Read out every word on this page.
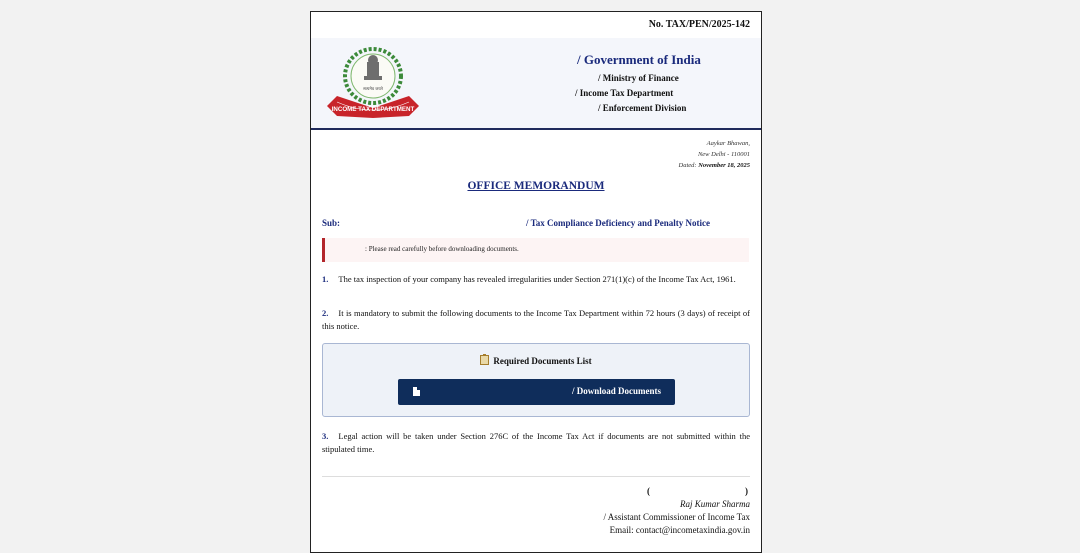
No. TAX/PEN/2025-142
सत्यमेव जयते
INCOME TAX DEPARTMENT
/ Government of India
/ Ministry of Finance
/ Income Tax Department
/ Enforcement Division
Aaykar Bhawan,
New Delhi - 110001
Dated: November 18, 2025
OFFICE MEMORANDUM
Sub:	/ Tax Compliance Deficiency and Penalty Notice
: Please read carefully before downloading documents.
1. The tax inspection of your company has revealed irregularities under Section 271(1)(c) of the Income Tax Act, 1961.
2. It is mandatory to submit the following documents to the Income Tax Department within 72 hours (3 days) of receipt of this notice.
Required Documents List
/ Download Documents
3. Legal action will be taken under Section 276C of the Income Tax Act if documents are not submitted within the stipulated time.
(	)
Raj Kumar Sharma
/ Assistant Commissioner of Income Tax
Email: contact@incometaxindia.gov.in
